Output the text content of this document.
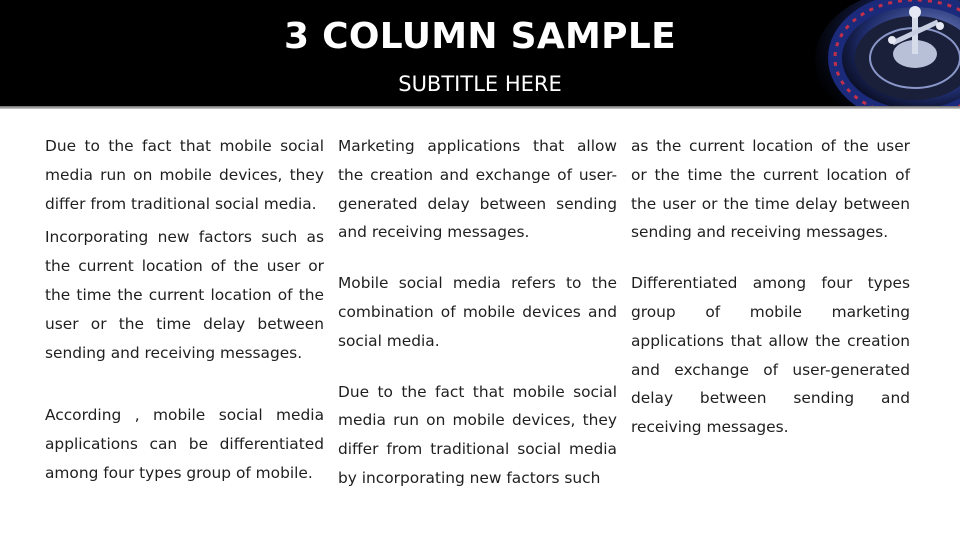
3 COLUMN SAMPLE
SUBTITLE HERE

Due to the fact that mobile social media run on mobile devices, they differ from traditional social media.

Incorporating new factors such as the current location of the user or the time the current location of the user or the time delay between sending and receiving messages.

According , mobile social media applications can be differentiated among four types group of mobile.

Marketing applications that allow the creation and exchange of user-generated delay between sending and receiving messages.

Mobile social media refers to the combination of mobile devices and social media.

Due to the fact that mobile social media run on mobile devices, they differ from traditional social media by incorporating new factors such

as the current location of the user or the time the current location of the user or the time delay between sending and receiving messages.

Differentiated among four types group of mobile marketing applications that allow the creation and exchange of user-generated delay between sending and receiving messages.
